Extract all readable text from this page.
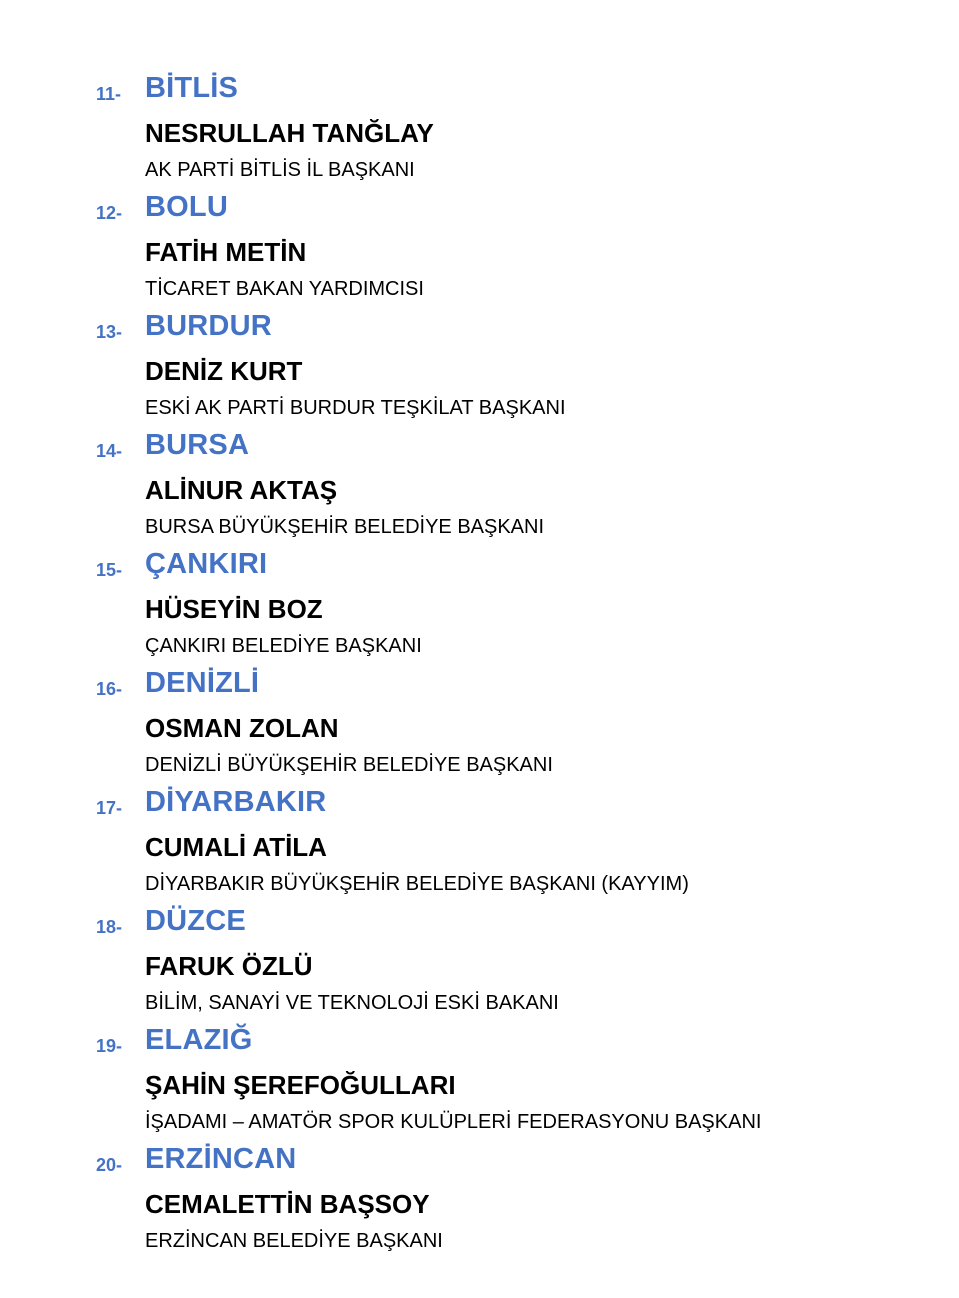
11- BİTLİS
NESRULLAH TANĞLAY
AK PARTİ BİTLİS İL BAŞKANI
12- BOLU
FATİH METİN
TİCARET BAKAN YARDIMCISI
13- BURDUR
DENİZ KURT
ESKİ AK PARTİ BURDUR TEŞKİLAT BAŞKANI
14- BURSA
ALİNUR AKTAŞ
BURSA BÜYÜKŞEHİR BELEDİYE BAŞKANI
15- ÇANKIRI
HÜSEYİN BOZ
ÇANKIRI BELEDİYE BAŞKANI
16- DENİZLİ
OSMAN ZOLAN
DENİZLİ BÜYÜKŞEHİR BELEDİYE BAŞKANI
17- DİYARBAKIR
CUMALİ ATİLA
DİYARBAKIR BÜYÜKŞEHİR BELEDİYE BAŞKANI (KAYYIM)
18- DÜZCE
FARUK ÖZLÜ
BİLİM, SANAYİ VE TEKNOLOJİ ESKİ BAKANI
19- ELAZIĞ
ŞAHİN ŞEREFOĞULLARI
İŞADAMI – AMATÖR SPOR KULÜPLERİ FEDERASYONU BAŞKANI
20- ERZİNCAN
CEMALETTİN BAŞSOY
ERZİNCAN BELEDİYE BAŞKANI
